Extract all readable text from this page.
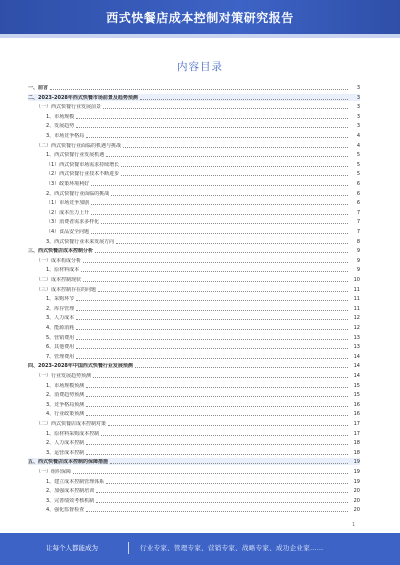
西式快餐店成本控制对策研究报告
内容目录
一、前言	3
二、2023-2028年西式快餐市场前景及趋势预测	3
（一）西式快餐行业发展前景	3
1、市场规模	3
2、发展趋势	3
3、市场竞争格局	4
（二）西式快餐行业面临的机遇与挑战	4
1、西式快餐行业发展机遇	5
（1）西式快餐市场需求持续增长	5
（2）西式快餐行业技术不断进步	5
（3）政策环境利好	6
2、西式快餐行业面临的挑战	6
（1）市场竞争加剧	6
（2）成本压力上升	7
（3）消费者需求多样化	7
（4）食品安全问题	7
3、西式快餐行业未来发展方向	8
三、西式快餐店成本控制分析	9
（一）成本构成分析	9
1、原材料成本	9
（二）成本控制现状	10
（三）成本控制存在的问题	11
1、采购环节	11
2、库存管理	11
3、人力成本	12
4、能源消耗	12
5、营销费用	13
6、其他费用	13
7、管理费用	14
四、2023-2028年中国西式快餐行业发展预测	14
（一）行业发展趋势预测	14
1、市场规模预测	15
2、消费趋势预测	15
3、竞争格局预测	16
4、行业政策预测	16
（二）西式快餐店成本控制对策	17
1、原材料采购成本控制	17
2、人力成本控制	18
3、运营成本控制	18
五、西式快餐店成本控制的保障措施	19
（一）组织保障	19
1、建立成本控制管理体系	19
2、加强成本控制培训	20
3、完善绩效考核机制	20
4、强化监督检查	20
1
让每个人都能成为	行业专家、管理专家、营销专家、战略专家、成功企业家……
